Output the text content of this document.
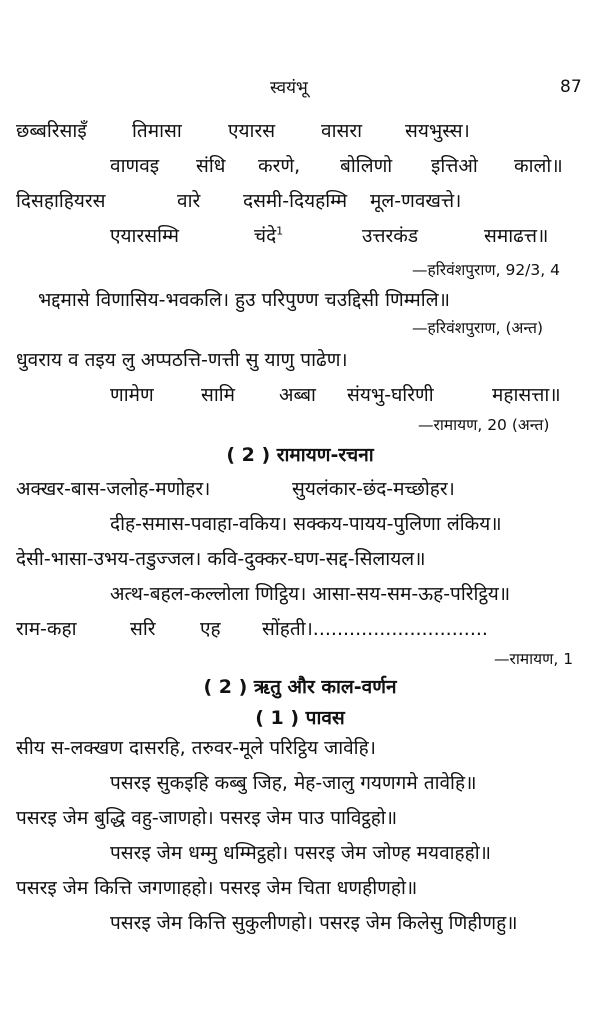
स्वयंभू	87
छब्बरिसाइँ तिमासा एयारस वासरा सयभुस्स।
वाणवइ संधि करणे, बोलिणो इत्तिओ कालो॥
दिसहाहियरस	वारे दसमी-दियहम्मि मूल-णवखत्ते।
एयारसम्मि	चंदे$^1$	उत्तरकंड	समाढत्त॥
—हरिवंशपुराण, 92/3, 4
भद्दमासे विणासिय-भवकलि। हुउ परिपुण्ण चउद्दिसी णिम्मलि॥
—हरिवंशपुराण, (अन्त)
धुवराय व तइय लु अप्पठत्ति-णत्ती सु याणु पाढेण।
णामेण सामि अब्बा संयभु-घरिणी	महासत्ता॥
—रामायण, 20 (अन्त)
( 2 ) रामायण-रचना
अक्खर-बास-जलोह-मणोहर।	सुयलंकार-छंद-मच्छोहर।
दीह-समास-पवाहा-वकिय। सक्कय-पायय-पुलिणा लंकिय॥
देसी-भासा-उभय-तडुज्जल। कवि-दुक्कर-घण-सद्द-सिलायल॥
अत्थ-बहल-कल्लोला णिट्ठिय। आसा-सय-सम-ऊह-परिट्ठिय॥
राम-कहा	सरि एह सोंहती।.............................
—रामायण, 1
( 2 ) ऋतु और काल-वर्णन
( 1 ) पावस
सीय स-लक्खण दासरहि, तरुवर-मूले परिट्ठिय जावेहि।
पसरइ सुकइहि कब्बु जिह, मेह-जालु गयणगमे तावेहि॥
पसरइ जेम बुद्धि वहु-जाणहो। पसरइ जेम पाउ पाविट्ठहो॥
पसरइ जेम धम्मु धम्मिट्ठहो। पसरइ जेम जोण्ह मयवाहहो॥
पसरइ जेम कित्ति जगणाहहो। पसरइ जेम चिता धणहीणहो॥
पसरइ जेम कित्ति सुकुलीणहो। पसरइ जेम किलेसु णिहीणहु॥
